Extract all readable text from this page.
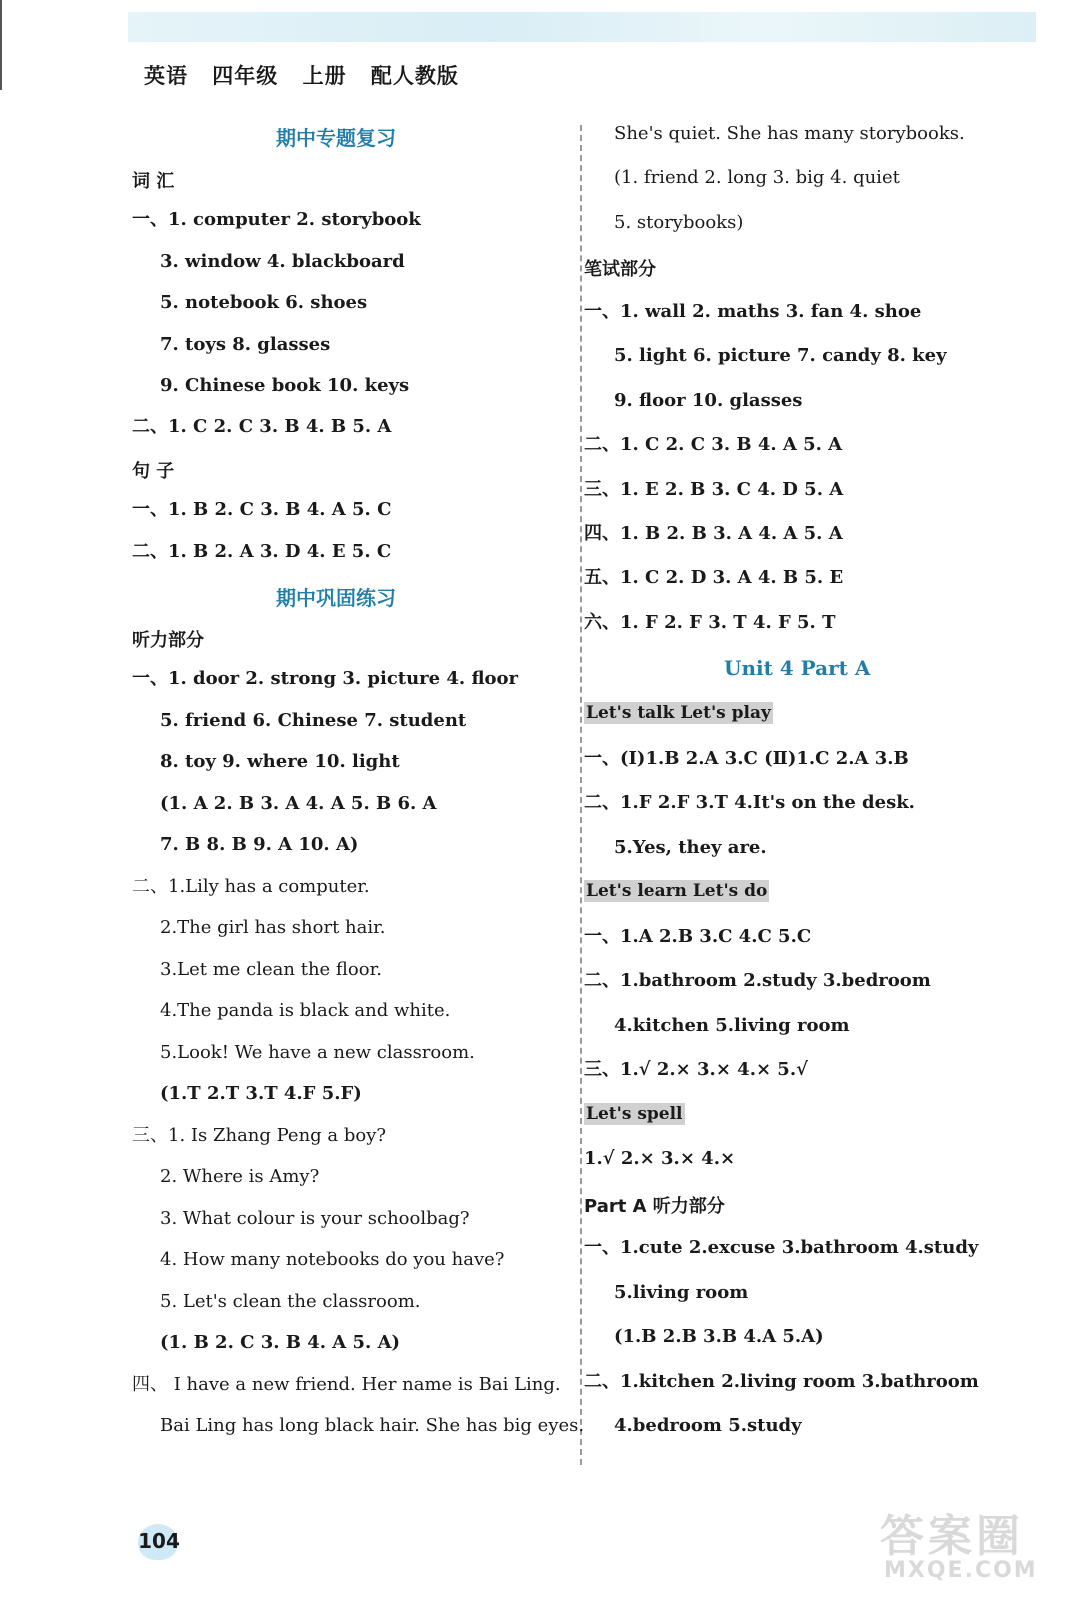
英语 四年级 上册 配人教版
期中专题复习
词 汇
一、1. computer 2. storybook
3. window 4. blackboard
5. notebook 6. shoes
7. toys 8. glasses
9. Chinese book 10. keys
二、1. C 2. C 3. B 4. B 5. A
句 子
一、1. B 2. C 3. B 4. A 5. C
二、1. B 2. A 3. D 4. E 5. C
期中巩固练习
听力部分
一、1. door 2. strong 3. picture 4. floor
5. friend 6. Chinese 7. student
8. toy 9. where 10. light
(1. A 2. B 3. A 4. A 5. B 6. A
7. B 8. B 9. A 10. A)
二、1.Lily has a computer.
2.The girl has short hair.
3.Let me clean the floor.
4.The panda is black and white.
5.Look! We have a new classroom.
(1.T 2.T 3.T 4.F 5.F)
三、1. Is Zhang Peng a boy?
2. Where is Amy?
3. What colour is your schoolbag?
4. How many notebooks do you have?
5. Let's clean the classroom.
(1. B 2. C 3. B 4. A 5. A)
四、 I have a new friend. Her name is Bai Ling.
Bai Ling has long black hair. She has big eyes.
She's quiet. She has many storybooks.
(1. friend 2. long 3. big 4. quiet
5. storybooks)
笔试部分
一、1. wall 2. maths 3. fan 4. shoe
5. light 6. picture 7. candy 8. key
9. floor 10. glasses
二、1. C 2. C 3. B 4. A 5. A
三、1. E 2. B 3. C 4. D 5. A
四、1. B 2. B 3. A 4. A 5. A
五、1. C 2. D 3. A 4. B 5. E
六、1. F 2. F 3. T 4. F 5. T
Unit 4 Part A
Let's talk Let's play
一、(Ⅰ)1.B 2.A 3.C (Ⅱ)1.C 2.A 3.B
二、1.F 2.F 3.T 4.It's on the desk.
5.Yes, they are.
Let's learn Let's do
一、1.A 2.B 3.C 4.C 5.C
二、1.bathroom 2.study 3.bedroom
4.kitchen 5.living room
三、1.√ 2.× 3.× 4.× 5.√
Let's spell
1.√ 2.× 3.× 4.×
Part A 听力部分
一、1.cute 2.excuse 3.bathroom 4.study
5.living room
(1.B 2.B 3.B 4.A 5.A)
二、1.kitchen 2.living room 3.bathroom
4.bedroom 5.study
104	答案圈
MXQE.COM
